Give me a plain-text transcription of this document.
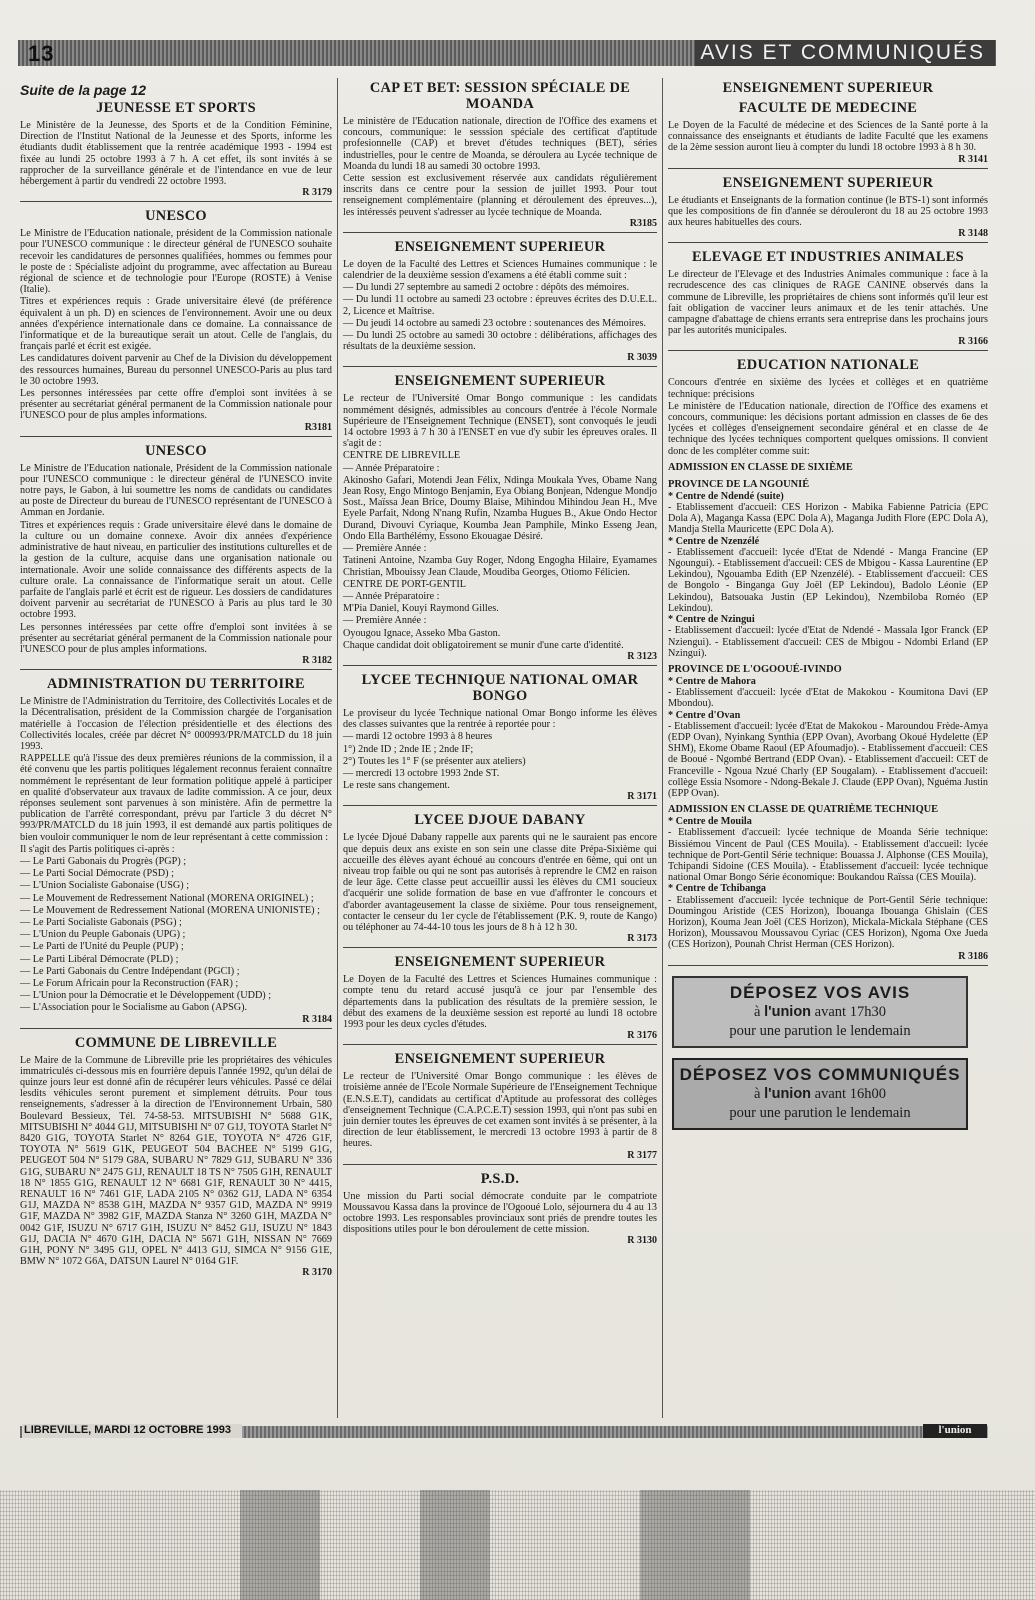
13	AVIS ET COMMUNIQUÉS
Suite de la page 12
JEUNESSE ET SPORTS

Le Ministère de la Jeunesse, des Sports et de la Condition Féminine, Direction de l'Institut National de la Jeunesse et des Sports, informe les étudiants dudit établissement que la rentrée académique 1993 - 1994 est fixée au lundi 25 octobre 1993 à 7 h. A cet effet, ils sont invités à se rapprocher de la surveillance générale et de l'intendance en vue de leur hébergement à partir du vendredi 22 octobre 1993.

R 3179
UNESCO

Le Ministre de l'Education nationale, président de la Commission nationale pour l'UNESCO communique : le directeur général de l'UNESCO souhaite recevoir les candidatures de personnes qualifiées, hommes ou femmes pour le poste de : Spécialiste adjoint du programme, avec affectation au Bureau régional de science et de technologie pour l'Europe (ROSTE) à Venise (Italie).

Titres et expériences requis : Grade universitaire élevé (de préférence équivalent à un ph. D) en sciences de l'environnement. Avoir une ou deux années d'expérience internationale dans ce domaine. La connaissance de l'informatique et de la bureautique serait un atout. Celle de l'anglais, du français parlé et écrit est exigée.

Les candidatures doivent parvenir au Chef de la Division du développement des ressources humaines, Bureau du personnel UNESCO-Paris au plus tard le 30 octobre 1993.

Les personnes intéressées par cette offre d'emploi sont invitées à se présenter au secrétariat général permanent de la Commission nationale pour l'UNESCO pour de plus amples informations.

R3181
UNESCO

Le Ministre de l'Education nationale, Président de la Commission nationale pour l'UNESCO communique : le directeur général de l'UNESCO invite notre pays, le Gabon, à lui soumettre les noms de candidats ou candidates au poste de Directeur du bureau de l'UNESCO représentant de l'UNESCO à Amman en Jordanie.

Titres et expériences requis : Grade universitaire élevé dans le domaine de la culture ou un domaine connexe. Avoir dix années d'expérience administrative de haut niveau, en particulier des institutions culturelles et de la gestion de la culture, acquise dans une organisation nationale ou internationale. Avoir une solide connaissance des différents aspects de la culture orale. La connaissance de l'informatique serait un atout. Celle parfaite de l'anglais parlé et écrit est de rigueur. Les dossiers de candidatures doivent parvenir au secrétariat de l'UNESCO à Paris au plus tard le 30 octobre 1993.

Les personnes intéressées par cette offre d'emploi sont invitées à se présenter au secrétariat général permanent de la Commission nationale pour l'UNESCO pour de plus amples informations.

R 3182
ADMINISTRATION DU TERRITOIRE

Le Ministre de l'Administration du Territoire, des Collectivités Locales et de la Décentralisation, président de la Commission chargée de l'organisation matérielle à l'occasion de l'élection présidentielle et des élections des Collectivités locales, créée par décret N° 000993/PR/MATCLD du 18 juin 1993.

RAPPELLE qu'à l'issue des deux premières réunions de la commission, il a été convenu que les partis politiques légalement reconnus feraient connaître nommément le représentant de leur formation politique appelé à participer en qualité d'observateur aux travaux de ladite commission. A ce jour, deux réponses seulement sont parvenues à son ministère. Afin de permettre la publication de l'arrêté correspondant, prévu par l'article 3 du décret N° 993/PR/MATCLD du 18 juin 1993, il est demandé aux partis politiques de bien vouloir communiquer le nom de leur représentant à cette commission :

Il s'agit des Partis politiques ci-après :

— Le Parti Gabonais du Progrès (PGP) ;

— Le Parti Social Démocrate (PSD) ;

— L'Union Socialiste Gabonaise (USG) ;

— Le Mouvement de Redressement National (MORENA ORIGINEL) ;

— Le Mouvement de Redressement National (MORENA UNIONISTE) ;

— Le Parti Socialiste Gabonais (PSG) ;

— L'Union du Peuple Gabonais (UPG) ;

— Le Parti de l'Unité du Peuple (PUP) ;

— Le Parti Libéral Démocrate (PLD) ;

— Le Parti Gabonais du Centre Indépendant (PGCI) ;

— Le Forum Africain pour la Reconstruction (FAR) ;

— L'Union pour la Démocratie et le Développement (UDD) ;

— L'Association pour le Socialisme au Gabon (APSG).

R 3184
COMMUNE DE LIBREVILLE

Le Maire de la Commune de Libreville prie les propriétaires des véhicules immatriculés ci-dessous mis en fourrière depuis l'année 1992, qu'un délai de quinze jours leur est donné afin de récupérer leurs véhicules. Passé ce délai lesdits véhicules seront purement et simplement détruits. Pour tous renseignements, s'adresser à la direction de l'Environnement Urbain, 580 Boulevard Bessieux, Tél. 74-58-53. MITSUBISHI N° 5688 G1K, MITSUBISHI N° 4044 G1J, MITSUBISHI N° 07 G1J, TOYOTA Starlet N° 8420 G1G, TOYOTA Starlet N° 8264 G1E, TOYOTA N° 4726 G1F, TOYOTA N° 5619 G1K, PEUGEOT 504 BACHEE N° 5199 G1G, PEUGEOT 504 N° 5179 G8A, SUBARU N° 7829 G1J, SUBARU N° 336 G1G, SUBARU N° 2475 G1J, RENAULT 18 TS N° 7505 G1H, RENAULT 18 N° 1855 G1G, RENAULT 12 N° 6681 G1F, RENAULT 30 N° 4415, RENAULT 16 N° 7461 G1F, LADA 2105 N° 0362 G1J, LADA N° 6354 G1J, MAZDA N° 8538 G1H, MAZDA N° 9357 G1D, MAZDA N° 9919 G1F, MAZDA N° 3982 G1F, MAZDA Stanza N° 3260 G1H, MAZDA N° 0042 G1F, ISUZU N° 6717 G1H, ISUZU N° 8452 G1J, ISUZU N° 1843 G1J, DACIA N° 4670 G1H, DACIA N° 5671 G1H, NISSAN N° 7669 G1H, PONY N° 3495 G1J, OPEL N° 4413 G1J, SIMCA N° 9156 G1E, BMW N° 1072 G6A, DATSUN Laurel N° 0164 G1F.

R 3170
CAP ET BET: SESSION SPÉCIALE DE MOANDA

Le ministère de l'Education nationale, direction de l'Office des examens et concours, communique: le sesssion spéciale des certificat d'aptitude profesionnelle (CAP) et brevet d'études techniques (BET), séries industrielles, pour le centre de Moanda, se déroulera au Lycée technique de Moanda du lundi 18 au samedi 30 octobre 1993.

Cette session est exclusivement réservée aux candidats régulièrement inscrits dans ce centre pour la session de juillet 1993. Pour tout renseignement complémentaire (planning et déroulement des épreuves...), les intéressés peuvent s'adresser au lycée technique de Moanda.

R3185
ENSEIGNEMENT SUPERIEUR

Le doyen de la Faculté des Lettres et Sciences Humaines communique : le calendrier de la deuxième session d'examens a été établi comme suit :

— Du lundi 27 septembre au samedi 2 octobre : dépôts des mémoires.

— Du lundi 11 octobre au samedi 23 octobre : épreuves écrites des D.U.E.L. 2, Licence et Maîtrise.

— Du jeudi 14 octobre au samedi 23 octobre : soutenances des Mémoires.

— Du lundi 25 octobre au samedi 30 octobre : délibérations, affichages des résultats de la deuxième session.

R 3039
ENSEIGNEMENT SUPERIEUR

Le recteur de l'Université Omar Bongo communique : les candidats nommément désignés, admissibles au concours d'entrée à l'école Normale Supérieure de l'Enseignement Technique (ENSET), sont convoqués le jeudi 14 octobre 1993 à 7 h 30 à l'ENSET en vue d'y subir les épreuves orales. Il s'agit de :

CENTRE DE LIBREVILLE

— Année Préparatoire :

Akinosho Gafari, Motendi Jean Félix, Ndinga Moukala Yves, Obame Nang Jean Rosy, Engo Mintogo Benjamin, Eya Obiang Bonjean, Ndengue Mondjo Sost., Maïssa Jean Brice, Doumy Blaise, Mihindou Mihindou Jean H., Mve Eyele Parfait, Ndong N'nang Rufin, Nzamba Hugues B., Akue Ondo Hector Durand, Divouvi Cyriaque, Koumba Jean Pamphile, Minko Esseng Jean, Ondo Ella Barthélémy, Essono Ekouagae Désiré.

— Première Année :

Tatineni Antoine, Nzamba Guy Roger, Ndong Engogha Hilaire, Eyamames Christian, Mbouissy Jean Claude, Moudiba Georges, Otiomo Félicien.

CENTRE DE PORT-GENTIL

— Année Préparatoire :

M'Pia Daniel, Kouyi Raymond Gilles.

— Première Année :

Oyougou Ignace, Asseko Mba Gaston.

Chaque candidat doit obligatoirement se munir d'une carte d'identité.

R 3123
LYCEE TECHNIQUE NATIONAL OMAR BONGO

Le proviseur du lycée Technique national Omar Bongo informe les élèves des classes suivantes que la rentrée à reportée pour :

— mardi 12 octobre 1993 à 8 heures

1°) 2nde ID ; 2nde IE ; 2nde IF;

2°) Toutes les 1° F (se présenter aux ateliers)

— mercredi 13 octobre 1993 2nde ST.

Le reste sans changement.

R 3171
LYCEE DJOUE DABANY

Le lycée Djoué Dabany rappelle aux parents qui ne le sauraient pas encore que depuis deux ans existe en son sein une classe dite Prépa-Sixième qui accueille des élèves ayant échoué au concours d'entrée en 6ème, qui ont un niveau trop faible ou qui ne sont pas autorisés à reprendre le CM2 en raison de leur âge. Cette classe peut accueillir aussi les élèves du CM1 soucieux d'acquérir une solide formation de base en vue d'affronter le concours et d'aborder avantageusement la classe de sixième. Pour tous renseignement, contacter le censeur du 1er cycle de l'établissement (P.K. 9, route de Kango) ou téléphoner au 74-44-10 tous les jours de 8 h à 12 h 30.

R 3173
ENSEIGNEMENT SUPERIEUR

Le Doyen de la Faculté des Lettres et Sciences Humaines communique : compte tenu du retard accusé jusqu'à ce jour par l'ensemble des départements dans la publication des résultats de la première session, le début des examens de la deuxième session est reporté au lundi 18 octobre 1993 pour les deux cycles d'études.

R 3176
ENSEIGNEMENT SUPERIEUR

Le recteur de l'Université Omar Bongo communique : les élèves de troisième année de l'Ecole Normale Supérieure de l'Enseignement Technique (E.N.S.E.T), candidats au certificat d'Aptitude au professorat des collèges d'enseignement Technique (C.A.P.C.E.T) session 1993, qui n'ont pas subi en juin dernier toutes les épreuves de cet examen sont invités à se présenter, à la direction de leur établissement, le mercredi 13 octobre 1993 à partir de 8 heures.

R 3177
P.S.D.

Une mission du Parti social démocrate conduite par le compatriote Moussavou Kassa dans la province de l'Ogooué Lolo, séjournera du 4 au 13 octobre 1993. Les responsables provinciaux sont priés de prendre toutes les dispositions utiles pour le bon déroulement de cette mission.

R 3130
ENSEIGNEMENT SUPERIEUR
FACULTE DE MEDECINE

Le Doyen de la Faculté de médecine et des Sciences de la Santé porte à la connaissance des enseignants et étudiants de ladite Faculté que les examens de la 2ème session auront lieu à compter du lundi 18 octobre 1993 à 8 h 30.

R 3141
ENSEIGNEMENT SUPERIEUR

Le étudiants et Enseignants de la formation continue (le BTS-1) sont informés que les compositions de fin d'année se dérouleront du 18 au 25 octobre 1993 aux heures habituelles des cours.

R 3148
ELEVAGE ET INDUSTRIES ANIMALES

Le directeur de l'Elevage et des Industries Animales communique : face à la recrudescence des cas cliniques de RAGE CANINE observés dans la commune de Libreville, les propriétaires de chiens sont informés qu'il leur est fait obligation de vacciner leurs animaux et de les tenir attachés. Une campagne d'abattage de chiens errants sera entreprise dans les prochains jours par les autorités municipales.

R 3166
EDUCATION NATIONALE

Concours d'entrée en sixième des lycées et collèges et en quatrième technique: précisions

Le ministère de l'Education nationale, direction de l'Office des examens et concours, communique: les décisions portant admission en classes de 6e des lycées et collèges d'enseignement secondaire général et en classe de 4e technique des lycées techniques comportent quelques omissions. Il convient donc de les compléter comme suit:

ADMISSION EN CLASSE DE SIXIÈME
PROVINCE DE LA NGOUNIÉ
* Centre de Ndendé (suite)

- Etablissement d'accueil: CES Horizon - Mabika Fabienne Patricia (EPC Dola A), Maganga Kassa (EPC Dola A), Maganga Judith Flore (EPC Dola A), Mandja Stella Mauricette (EPC Dola A).

* Centre de Nzenzélé

- Etablissement d'accueil: lycée d'Etat de Ndendé - Manga Francine (EP Ngoungui). - Etablissement d'accueil: CES de Mbigou - Kassa Laurentine (EP Lekindou), Ngouamba Edith (EP Nzenzélé). - Etablissement d'accueil: CES de Bongolo - Binganga Guy Joël (EP Lekindou), Badolo Léonie (EP Lekindou), Batsouaka Justin (EP Lekindou), Nzembiloba Roméo (EP Lekindou).

* Centre de Nzingui

- Etablissement d'accueil: lycée d'Etat de Ndendé - Massala Igor Franck (EP Nziengui). - Etablissement d'accueil: CES de Mbigou - Ndombi Erland (EP Nzingui).

PROVINCE DE L'OGOOUÉ-IVINDO
* Centre de Mahora

- Etablissement d'accueil: lycée d'Etat de Makokou - Koumitona Davi (EP Mbondou).

* Centre d'Ovan

- Etablissement d'accueil: lycée d'Etat de Makokou - Maroundou Frède-Amya (EDP Ovan), Nyinkang Synthia (EPP Ovan), Avorbang Okoué Hydelette (EP SHM), Ekome Obame Raoul (EP Afoumadjo). - Etablissement d'accueil: CES de Booué - Ngombé Bertrand (EDP Ovan). - Etablissement d'accueil: CET de Franceville - Ngoua Nzué Charly (EP Sougalam). - Etablissement d'accueil: collège Essia Nsomore - Ndong-Bekale J. Claude (EPP Ovan), Nguéma Justin (EPP Ovan).

ADMISSION EN CLASSE DE QUATRIÈME TECHNIQUE
* Centre de Mouila

- Etablissement d'accueil: lycée technique de Moanda Série technique: Bissiémou Vincent de Paul (CES Mouila). - Etablissement d'accueil: lycée technique de Port-Gentil Série technique: Bouassa J. Alphonse (CES Mouila), Tchipandi Sidoine (CES Mouila). - Etablissement d'accueil: lycée technique national Omar Bongo Série économique: Boukandou Raïssa (CES Mouila).

* Centre de Tchibanga

- Etablissement d'accueil: lycée technique de Port-Gentil Série technique: Doumingou Aristide (CES Horizon), Ibouanga Ibouanga Ghislain (CES Horizon), Kouma Jean Joël (CES Horizon), Mickala-Mickala Stéphane (CES Horizon), Moussavou Moussavou Cyriac (CES Horizon), Ngoma Oxe Jueda (CES Horizon), Pounah Christ Herman (CES Horizon).

R 3186
DÉPOSEZ VOS AVIS
à l'union avant 17h30
pour une parution le lendemain
DÉPOSEZ VOS COMMUNIQUÉS
à l'union avant 16h00
pour une parution le lendemain
LIBREVILLE, MARDI 12 OCTOBRE 1993	l'union
